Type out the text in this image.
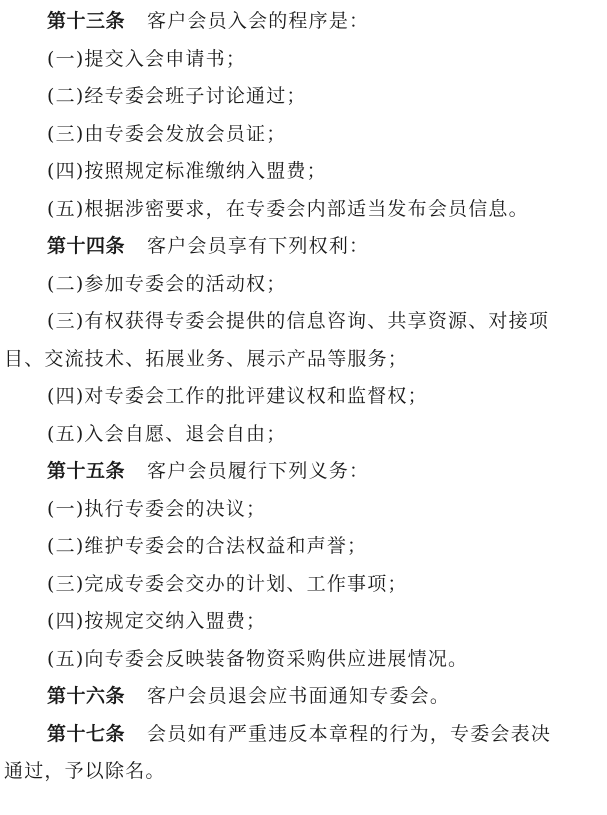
第十三条 客户会员入会的程序是：
(一)提交入会申请书；
(二)经专委会班子讨论通过；
(三)由专委会发放会员证；
(四)按照规定标准缴纳入盟费；
(五)根据涉密要求，在专委会内部适当发布会员信息。
第十四条 客户会员享有下列权利：
(二)参加专委会的活动权；
(三)有权获得专委会提供的信息咨询、共享资源、对接项
目、交流技术、拓展业务、展示产品等服务；
(四)对专委会工作的批评建议权和监督权；
(五)入会自愿、退会自由；
第十五条 客户会员履行下列义务：
(一)执行专委会的决议；
(二)维护专委会的合法权益和声誉；
(三)完成专委会交办的计划、工作事项；
(四)按规定交纳入盟费；
(五)向专委会反映装备物资采购供应进展情况。
第十六条 客户会员退会应书面通知专委会。
第十七条 会员如有严重违反本章程的行为，专委会表决
通过，予以除名。
